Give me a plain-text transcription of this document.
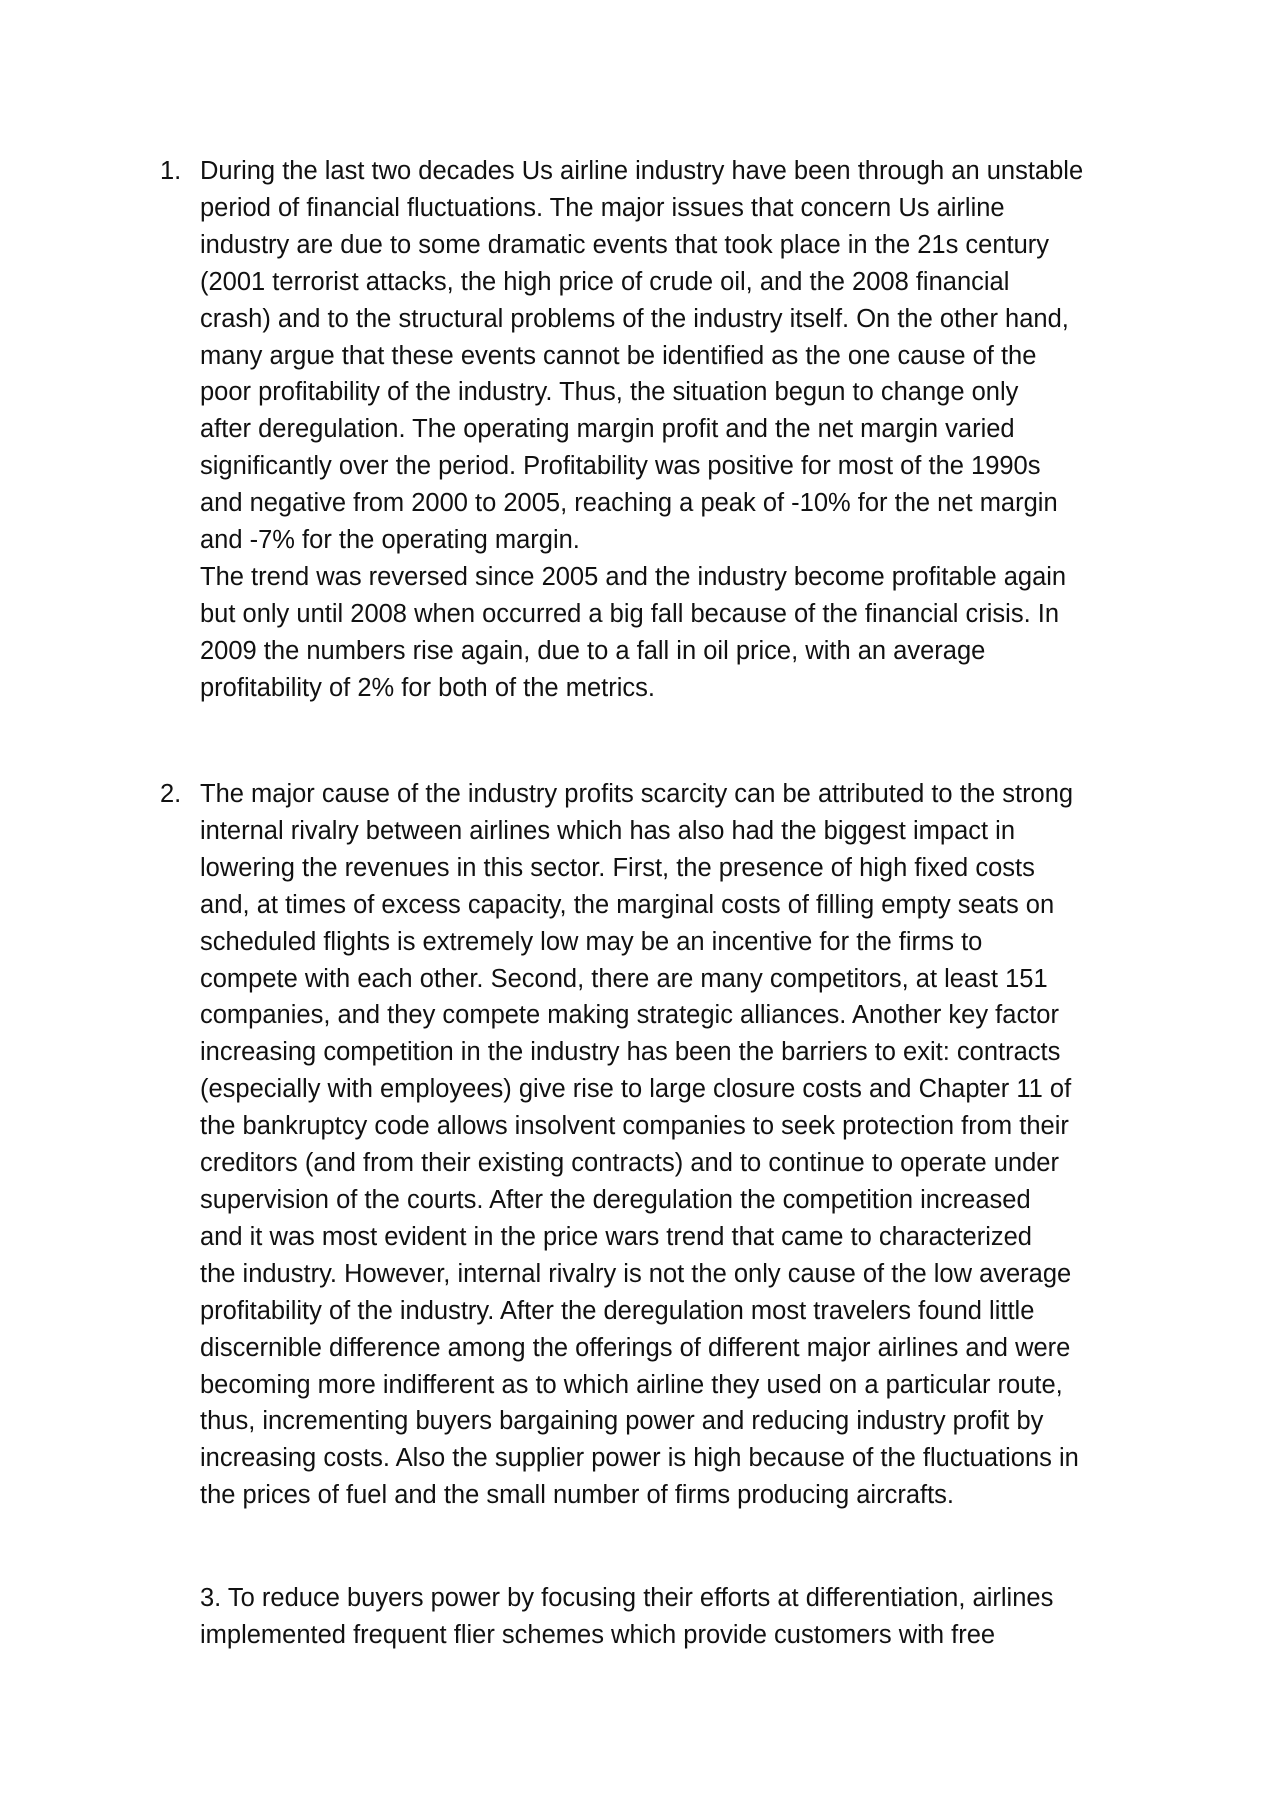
1. During the last two decades Us airline industry have been through an unstable
period of financial fluctuations. The major issues that concern Us airline
industry are due to some dramatic events that took place in the 21s century
(2001 terrorist attacks, the high price of crude oil, and the 2008 financial
crash) and to the structural problems of the industry itself. On the other hand,
many argue that these events cannot be identified as the one cause of the
poor profitability of the industry. Thus, the situation begun to change only
after deregulation. The operating margin profit and the net margin varied
significantly over the period. Profitability was positive for most of the 1990s
and negative from 2000 to 2005, reaching a peak of -10% for the net margin
and -7% for the operating margin.
The trend was reversed since 2005 and the industry become profitable again
but only until 2008 when occurred a big fall because of the financial crisis. In
2009 the numbers rise again, due to a fall in oil price, with an average
profitability of 2% for both of the metrics.
2. The major cause of the industry profits scarcity can be attributed to the strong
internal rivalry between airlines which has also had the biggest impact in
lowering the revenues in this sector. First, the presence of high fixed costs
and, at times of excess capacity, the marginal costs of filling empty seats on
scheduled flights is extremely low may be an incentive for the firms to
compete with each other. Second, there are many competitors, at least 151
companies, and they compete making strategic alliances. Another key factor
increasing competition in the industry has been the barriers to exit: contracts
(especially with employees) give rise to large closure costs and Chapter 11 of
the bankruptcy code allows insolvent companies to seek protection from their
creditors (and from their existing contracts) and to continue to operate under
supervision of the courts. After the deregulation the competition increased
and it was most evident in the price wars trend that came to characterized
the industry. However, internal rivalry is not the only cause of the low average
profitability of the industry. After the deregulation most travelers found little
discernible difference among the offerings of different major airlines and were
becoming more indifferent as to which airline they used on a particular route,
thus, incrementing buyers bargaining power and reducing industry profit by
increasing costs. Also the supplier power is high because of the fluctuations in
the prices of fuel and the small number of firms producing aircrafts.
3. To reduce buyers power by focusing their efforts at differentiation, airlines
implemented frequent flier schemes which provide customers with free
